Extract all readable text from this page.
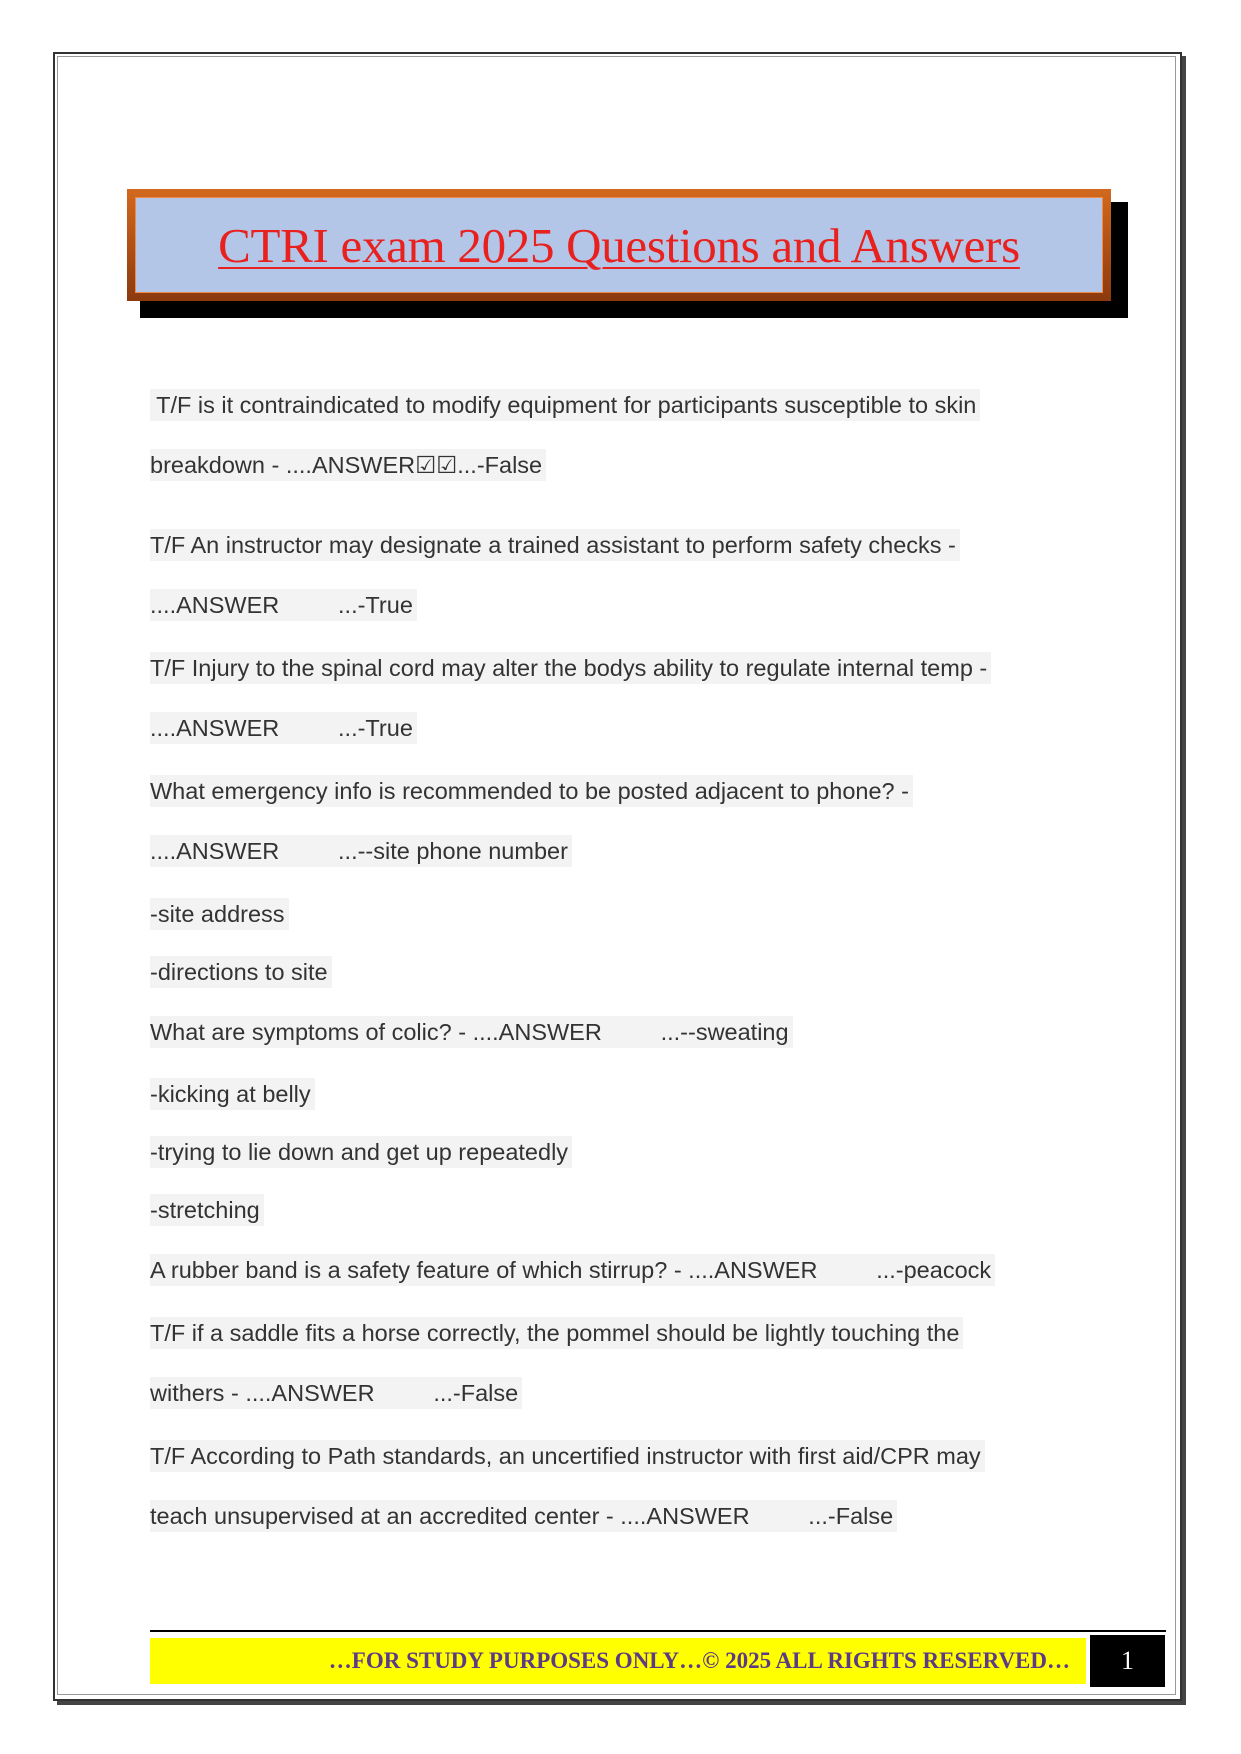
CTRI exam 2025 Questions and Answers
T/F is it contraindicated to modify equipment for participants susceptible to skin
breakdown - ....ANSWER☑☑...-False
T/F An instructor may designate a trained assistant to perform safety checks -
....ANSWER         ...-True
T/F Injury to the spinal cord may alter the bodys ability to regulate internal temp -
....ANSWER         ...-True
What emergency info is recommended to be posted adjacent to phone? -
....ANSWER         ...--site phone number
-site address
-directions to site
What are symptoms of colic? - ....ANSWER         ...--sweating
-kicking at belly
-trying to lie down and get up repeatedly
-stretching
A rubber band is a safety feature of which stirrup? - ....ANSWER         ...-peacock
T/F if a saddle fits a horse correctly, the pommel should be lightly touching the
withers - ....ANSWER         ...-False
T/F According to Path standards, an uncertified instructor with first aid/CPR may
teach unsupervised at an accredited center - ....ANSWER         ...-False
…FOR STUDY PURPOSES ONLY…© 2025 ALL RIGHTS RESERVED…	1
